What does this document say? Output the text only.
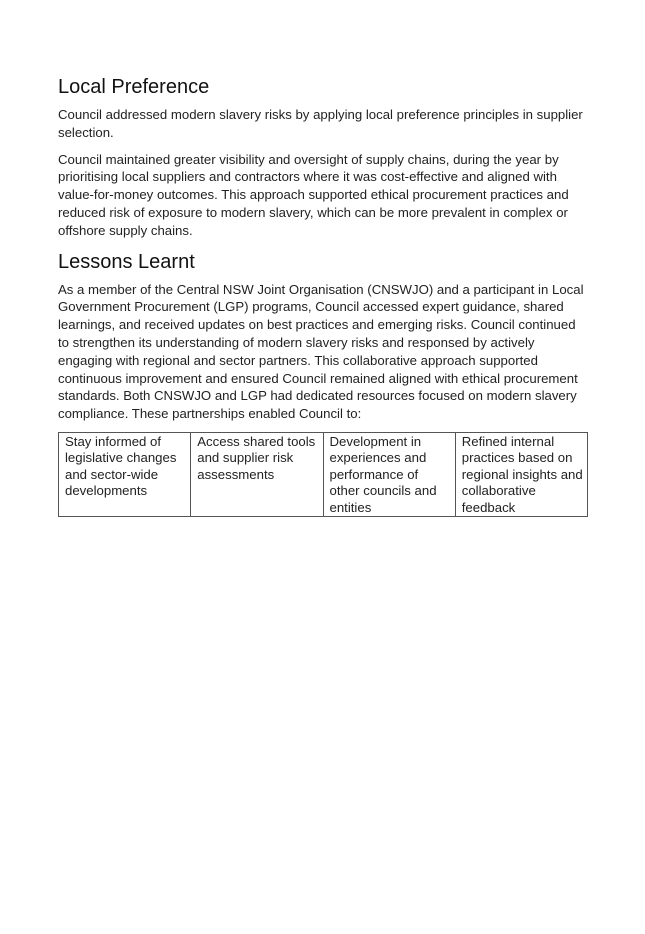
Local Preference

Council addressed modern slavery risks by applying local preference principles in supplier selection.

Council maintained greater visibility and oversight of supply chains, during the year by prioritising local suppliers and contractors where it was cost-effective and aligned with value-for-money outcomes. This approach supported ethical procurement practices and reduced risk of exposure to modern slavery, which can be more prevalent in complex or offshore supply chains.

Lessons Learnt

As a member of the Central NSW Joint Organisation (CNSWJO) and a participant in Local Government Procurement (LGP) programs, Council accessed expert guidance, shared learnings, and received updates on best practices and emerging risks. Council continued to strengthen its understanding of modern slavery risks and responsed by actively engaging with regional and sector partners. This collaborative approach supported continuous improvement and ensured Council remained aligned with ethical procurement standards. Both CNSWJO and LGP had dedicated resources focused on modern slavery compliance. These partnerships enabled Council to:

Stay informed of legislative changes and sector-wide developments	Access shared tools and supplier risk assessments	Development in experiences and performance of other councils and entities	Refined internal practices based on regional insights and collaborative feedback
